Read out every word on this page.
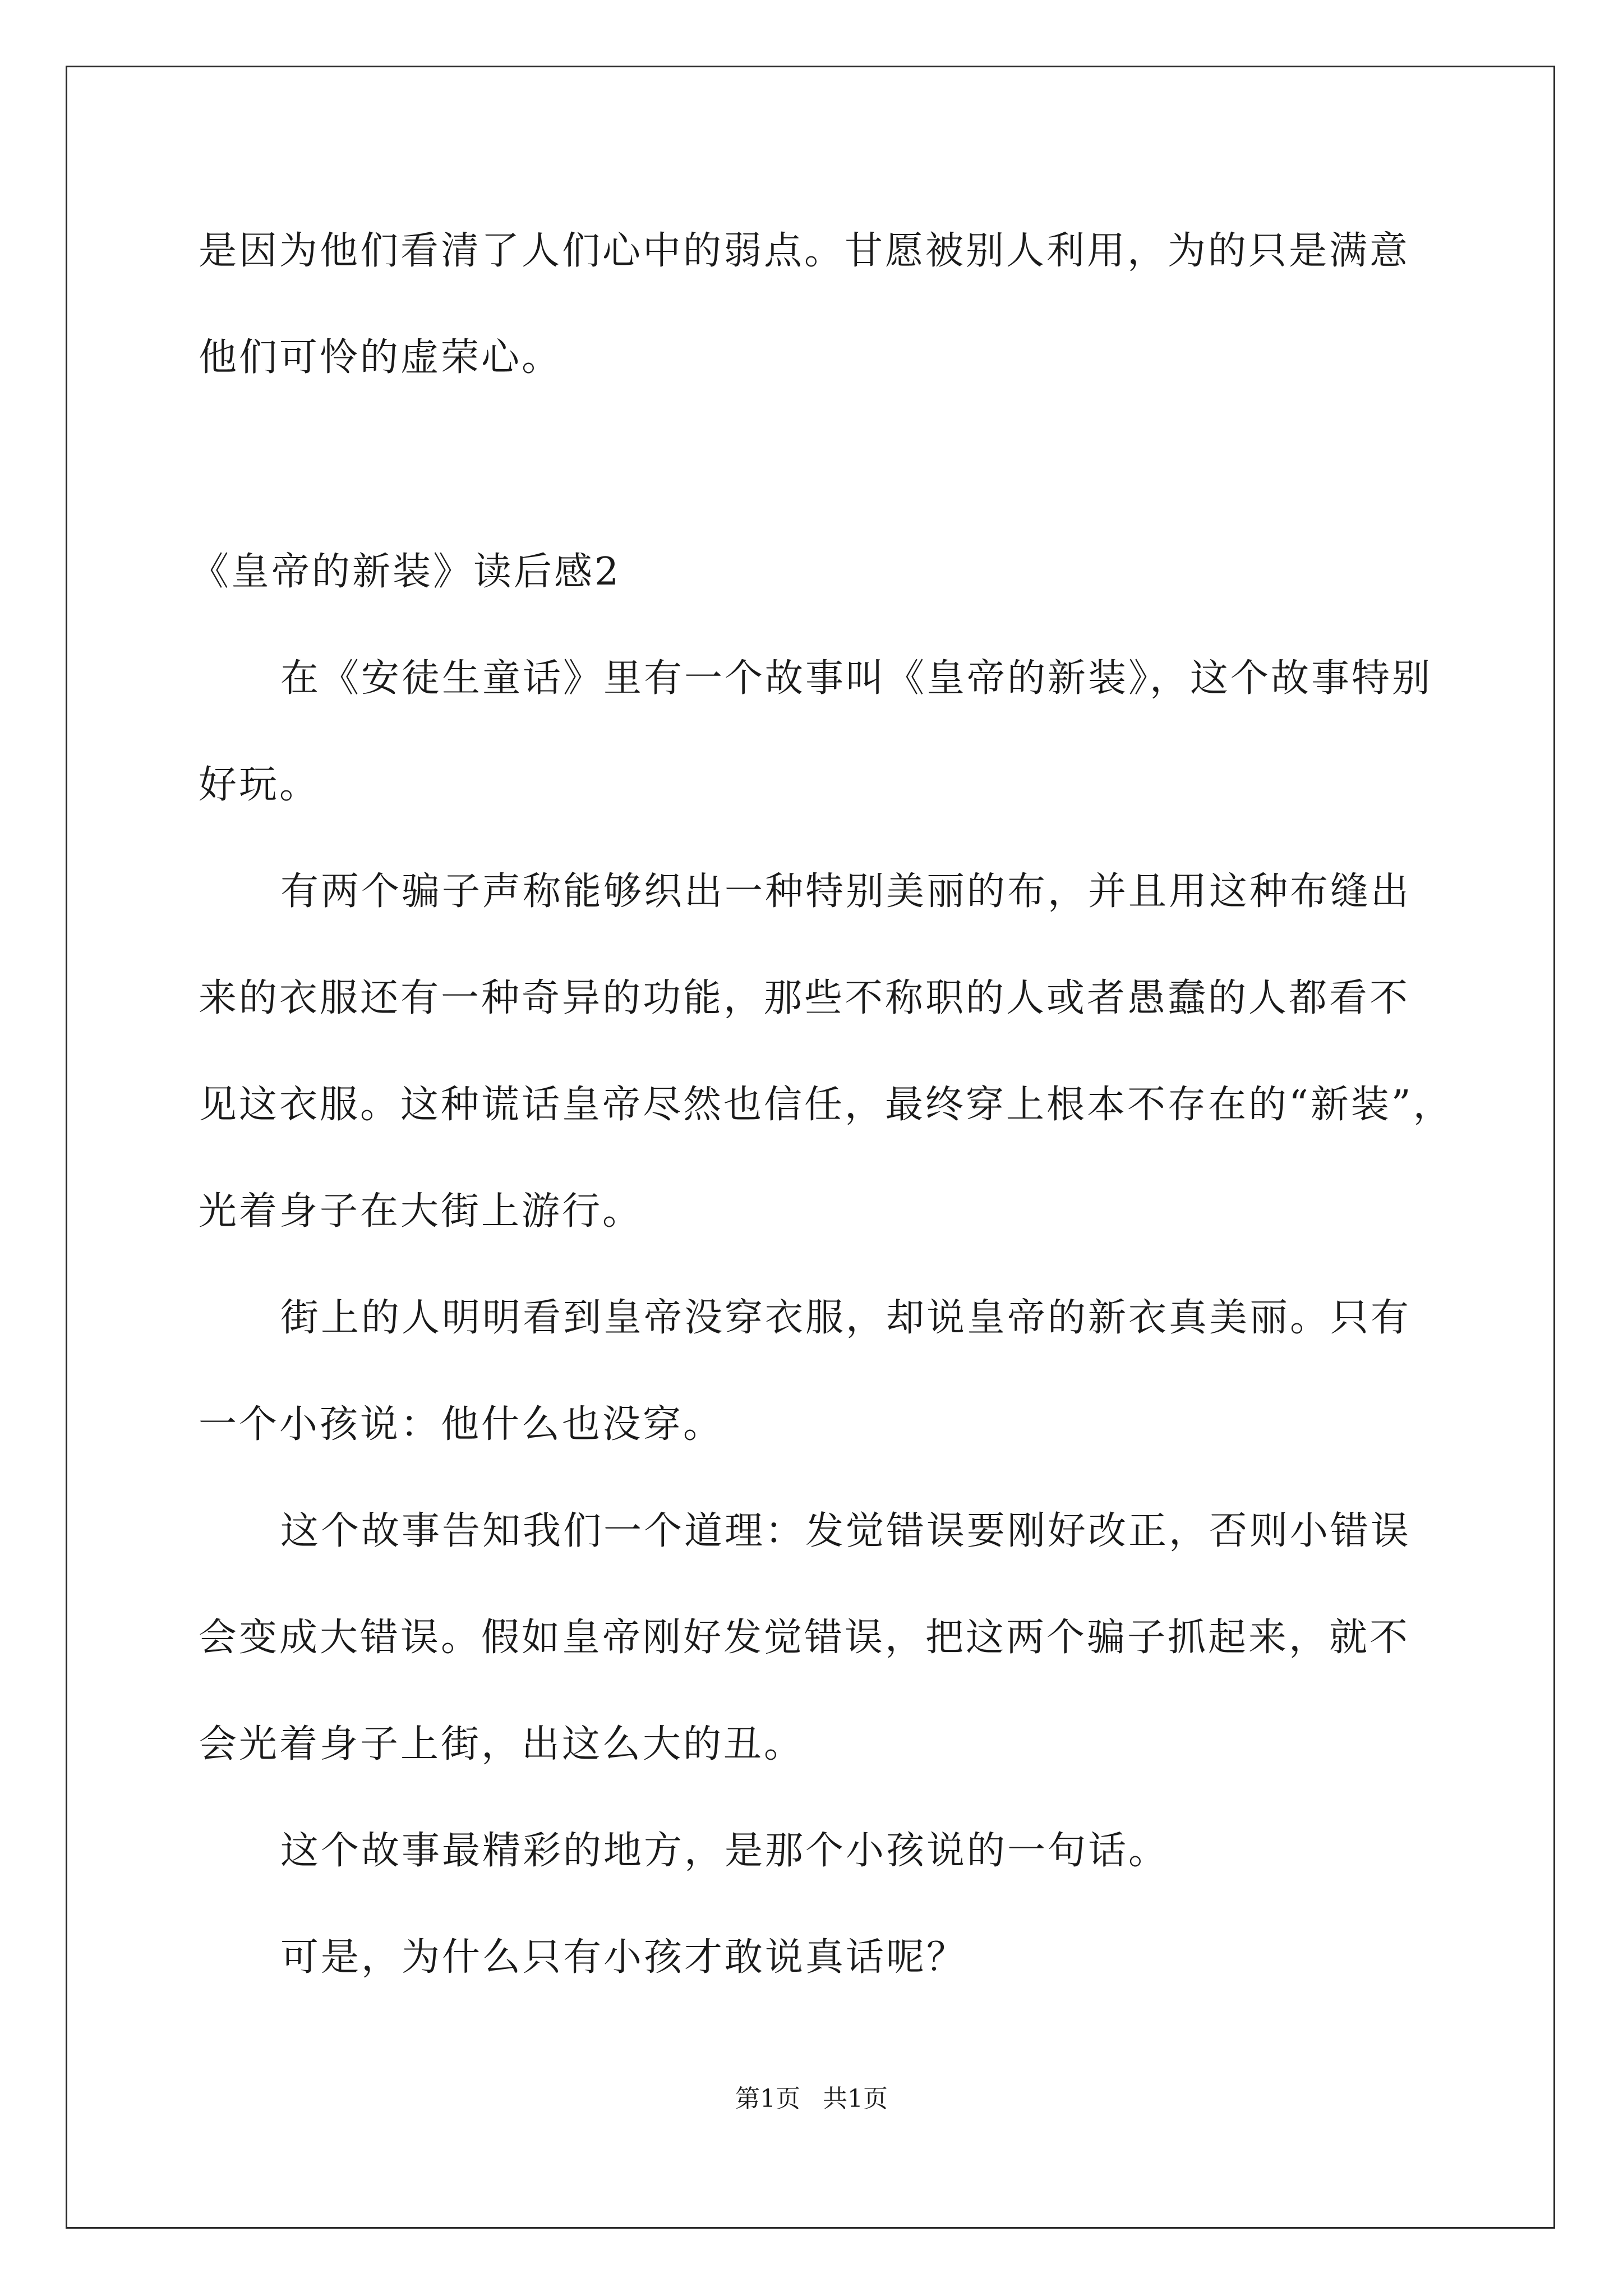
是因为他们看清了人们心中的弱点。甘愿被别人利用，为的只是满意
他们可怜的虚荣心。
《皇帝的新装》读后感2
在《安徒生童话》里有一个故事叫《皇帝的新装》，这个故事特别
好玩。
有两个骗子声称能够织出一种特别美丽的布，并且用这种布缝出
来的衣服还有一种奇异的功能，那些不称职的人或者愚蠢的人都看不
见这衣服。这种谎话皇帝尽然也信任，最终穿上根本不存在的“新装”，
光着身子在大街上游行。
街上的人明明看到皇帝没穿衣服，却说皇帝的新衣真美丽。只有
一个小孩说：他什么也没穿。
这个故事告知我们一个道理：发觉错误要刚好改正，否则小错误
会变成大错误。假如皇帝刚好发觉错误，把这两个骗子抓起来，就不
会光着身子上街，出这么大的丑。
这个故事最精彩的地方，是那个小孩说的一句话。
可是，为什么只有小孩才敢说真话呢？
第1页 共1页
